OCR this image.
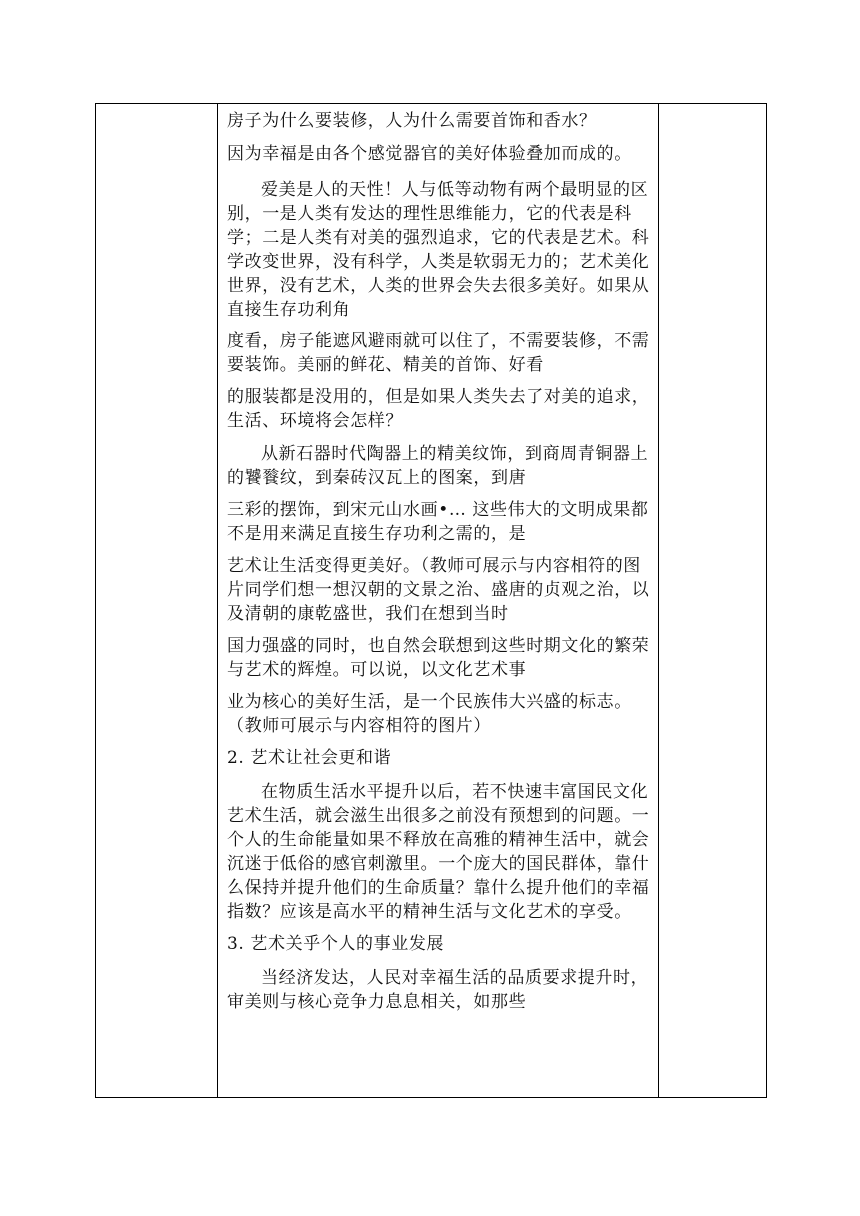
房子为什么要装修，人为什么需要首饰和香水？

因为幸福是由各个感觉器官的美好体验叠加而成的。

爱美是人的天性！人与低等动物有两个最明显的区别，一是人类有发达的理性思维能力，它的代表是科学；二是人类有对美的强烈追求，它的代表是艺术。科学改变世界，没有科学，人类是软弱无力的；艺术美化世界，没有艺术，人类的世界会失去很多美好。如果从直接生存功利角

度看，房子能遮风避雨就可以住了，不需要装修，不需要装饰。美丽的鲜花、精美的首饰、好看

的服装都是没用的，但是如果人类失去了对美的追求，生活、环境将会怎样？

从新石器时代陶器上的精美纹饰，到商周青铜器上的饕餮纹，到秦砖汉瓦上的图案，到唐

三彩的摆饰，到宋元山水画•… 这些伟大的文明成果都不是用来满足直接生存功利之需的，是

艺术让生活变得更美好。（教师可展示与内容相符的图片同学们想一想汉朝的文景之治、盛唐的贞观之治，以及清朝的康乾盛世，我们在想到当时

国力强盛的同时，也自然会联想到这些时期文化的繁荣与艺术的辉煌。可以说，以文化艺术事

业为核心的美好生活，是一个民族伟大兴盛的标志。（教师可展示与内容相符的图片）

2. 艺术让社会更和谐

在物质生活水平提升以后，若不快速丰富国民文化艺术生活，就会滋生出很多之前没有预想到的问题。一个人的生命能量如果不释放在高雅的精神生活中，就会沉迷于低俗的感官刺激里。一个庞大的国民群体，靠什么保持并提升他们的生命质量？靠什么提升他们的幸福指数？应该是高水平的精神生活与文化艺术的享受。

3. 艺术关乎个人的事业发展

当经济发达，人民对幸福生活的品质要求提升时，审美则与核心竞争力息息相关，如那些
